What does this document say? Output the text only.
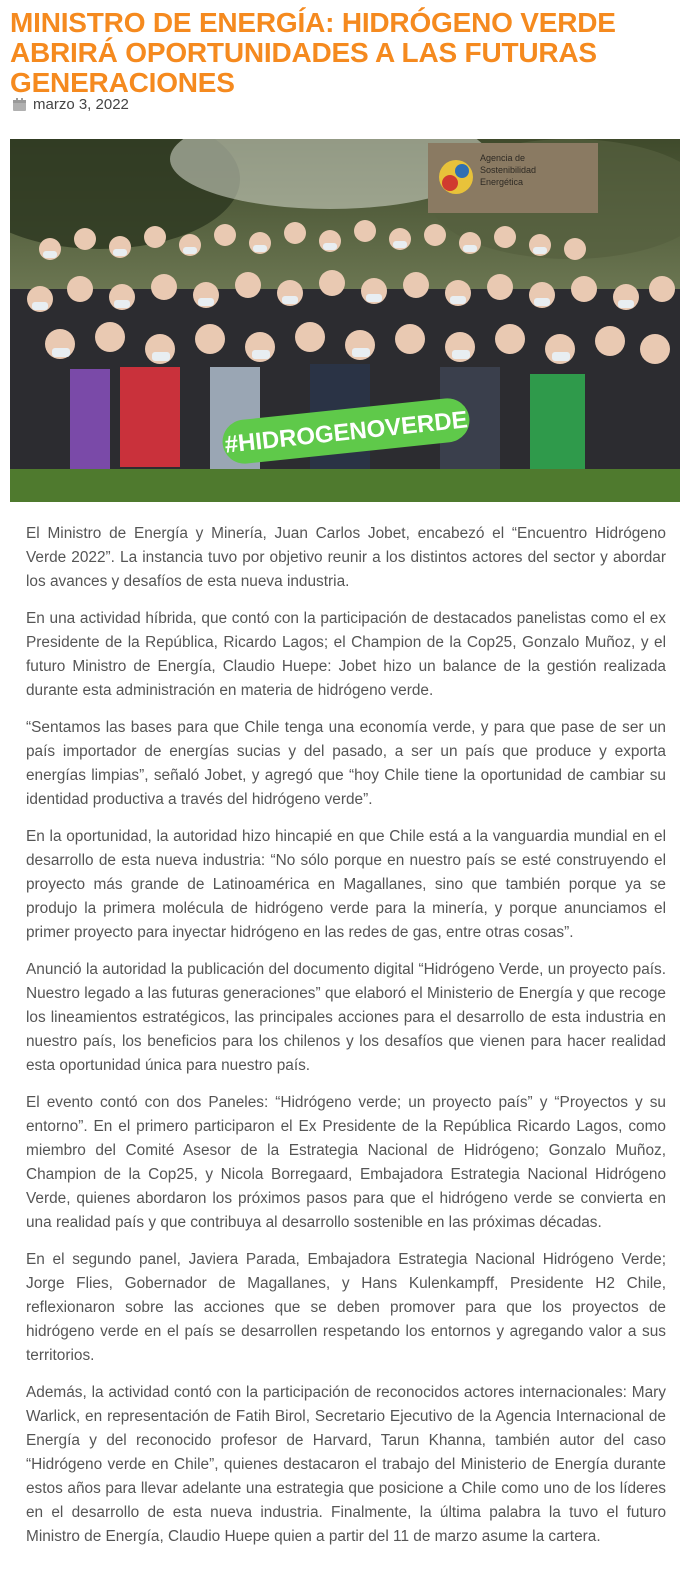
MINISTRO DE ENERGÍA: HIDRÓGENO VERDE ABRIRÁ OPORTUNIDADES A LAS FUTURAS GENERACIONES
marzo 3, 2022
Agencia de
Sostenibilidad
Energética
#HIDROGENOVERDE

El Ministro de Energía y Minería, Juan Carlos Jobet, encabezó el “Encuentro Hidrógeno Verde 2022”. La instancia tuvo por objetivo reunir a los distintos actores del sector y abordar los avances y desafíos de esta nueva industria.

En una actividad híbrida, que contó con la participación de destacados panelistas como el ex Presidente de la República, Ricardo Lagos; el Champion de la Cop25, Gonzalo Muñoz, y el futuro Ministro de Energía, Claudio Huepe: Jobet hizo un balance de la gestión realizada durante esta administración en materia de hidrógeno verde.

“Sentamos las bases para que Chile tenga una economía verde, y para que pase de ser un país importador de energías sucias y del pasado, a ser un país que produce y exporta energías limpias”, señaló Jobet, y agregó que “hoy Chile tiene la oportunidad de cambiar su identidad productiva a través del hidrógeno verde”.

En la oportunidad, la autoridad hizo hincapié en que Chile está a la vanguardia mundial en el desarrollo de esta nueva industria: “No sólo porque en nuestro país se esté construyendo el proyecto más grande de Latinoamérica en Magallanes, sino que también porque ya se produjo la primera molécula de hidrógeno verde para la minería, y porque anunciamos el primer proyecto para inyectar hidrógeno en las redes de gas, entre otras cosas”.

Anunció la autoridad la publicación del documento digital “Hidrógeno Verde, un proyecto país. Nuestro legado a las futuras generaciones” que elaboró el Ministerio de Energía y que recoge los lineamientos estratégicos, las principales acciones para el desarrollo de esta industria en nuestro país, los beneficios para los chilenos y los desafíos que vienen para hacer realidad esta oportunidad única para nuestro país.

El evento contó con dos Paneles: “Hidrógeno verde; un proyecto país” y “Proyectos y su entorno”. En el primero participaron el Ex Presidente de la República Ricardo Lagos, como miembro del Comité Asesor de la Estrategia Nacional de Hidrógeno; Gonzalo Muñoz, Champion de la Cop25, y Nicola Borregaard, Embajadora Estrategia Nacional Hidrógeno Verde, quienes abordaron los próximos pasos para que el hidrógeno verde se convierta en una realidad país y que contribuya al desarrollo sostenible en las próximas décadas.

En el segundo panel, Javiera Parada, Embajadora Estrategia Nacional Hidrógeno Verde; Jorge Flies, Gobernador de Magallanes, y Hans Kulenkampff, Presidente H2 Chile, reflexionaron sobre las acciones que se deben promover para que los proyectos de hidrógeno verde en el país se desarrollen respetando los entornos y agregando valor a sus territorios.

Además, la actividad contó con la participación de reconocidos actores internacionales: Mary Warlick, en representación de Fatih Birol, Secretario Ejecutivo de la Agencia Internacional de Energía y del reconocido profesor de Harvard, Tarun Khanna, también autor del caso “Hidrógeno verde en Chile”, quienes destacaron el trabajo del Ministerio de Energía durante estos años para llevar adelante una estrategia que posicione a Chile como uno de los líderes en el desarrollo de esta nueva industria. Finalmente, la última palabra la tuvo el futuro Ministro de Energía, Claudio Huepe quien a partir del 11 de marzo asume la cartera.
